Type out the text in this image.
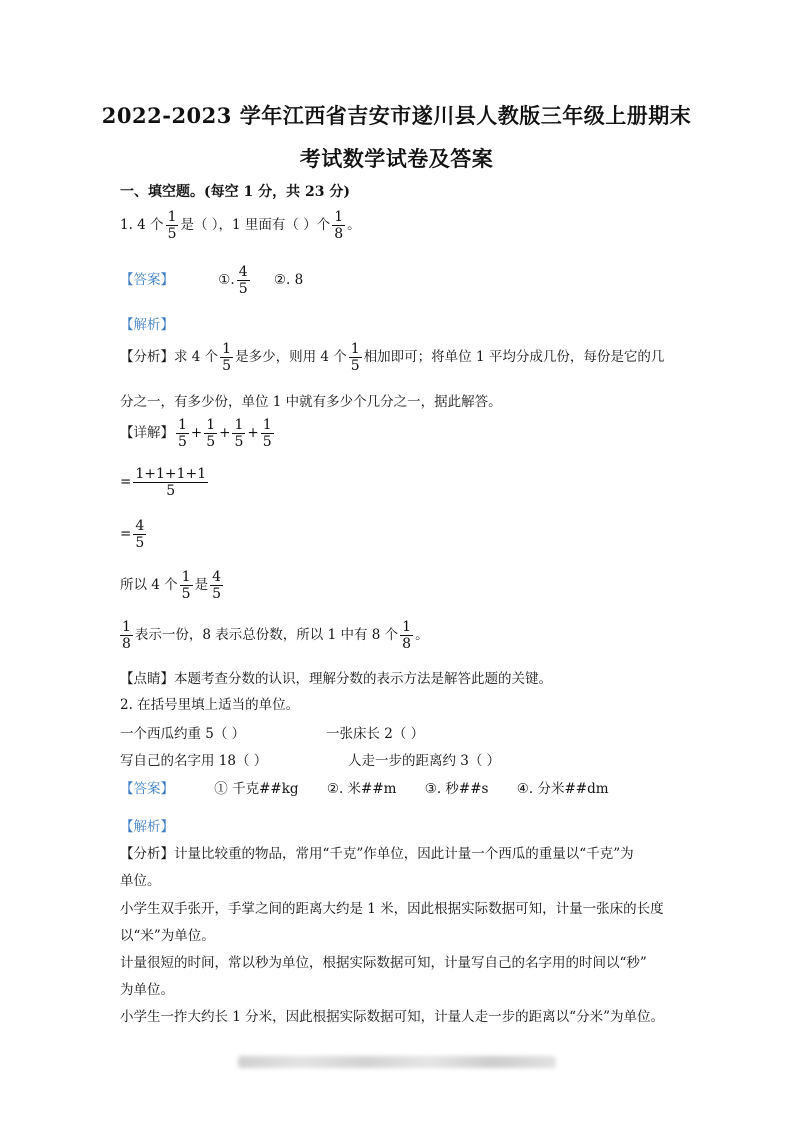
2022-2023 学年江西省吉安市遂川县人教版三年级上册期末
考试数学试卷及答案
一、填空题。(每空 1 分，共 23 分)
1. 4 个 $\frac{1}{5}$ 是（ ），1 里面有（ ）个 $\frac{1}{8}$ 。
【答案】	①. $\frac{4}{5}$ ②. 8
【解析】
【分析】求 4 个 $\frac{1}{5}$ 是多少，则用 4 个 $\frac{1}{5}$ 相加即可；将单位 1 平均分成几份，每份是它的几
分之一，有多少份，单位 1 中就有多少个几分之一，据此解答。
【详解】 $\frac{1}{5} + \frac{1}{5} + \frac{1}{5} + \frac{1}{5}$
= $\frac{1+1+1+1}{5}$
= $\frac{4}{5}$
所以 4 个 $\frac{1}{5}$ 是 $\frac{4}{5}$
$\frac{1}{8}$ 表示一份，8 表示总份数，所以 1 中有 8 个 $\frac{1}{8}$ 。
【点睛】本题考查分数的认识，理解分数的表示方法是解答此题的关键。
2. 在括号里填上适当的单位。
一个西瓜约重 5（ ）	一张床长 2（ ）
写自己的名字用 18（ ）	人走一步的距离约 3（ ）
【答案】	① 千克##kg ②. 米##m ③. 秒##s ④. 分米##dm
【解析】
【分析】计量比较重的物品，常用“千克”作单位，因此计量一个西瓜的重量以“千克”为
单位。
小学生双手张开，手掌之间的距离大约是 1 米，因此根据实际数据可知，计量一张床的长度
以“米”为单位。
计量很短的时间，常以秒为单位，根据实际数据可知，计量写自己的名字用的时间以“秒”
为单位。
小学生一拃大约长 1 分米，因此根据实际数据可知，计量人走一步的距离以“分米”为单位。
